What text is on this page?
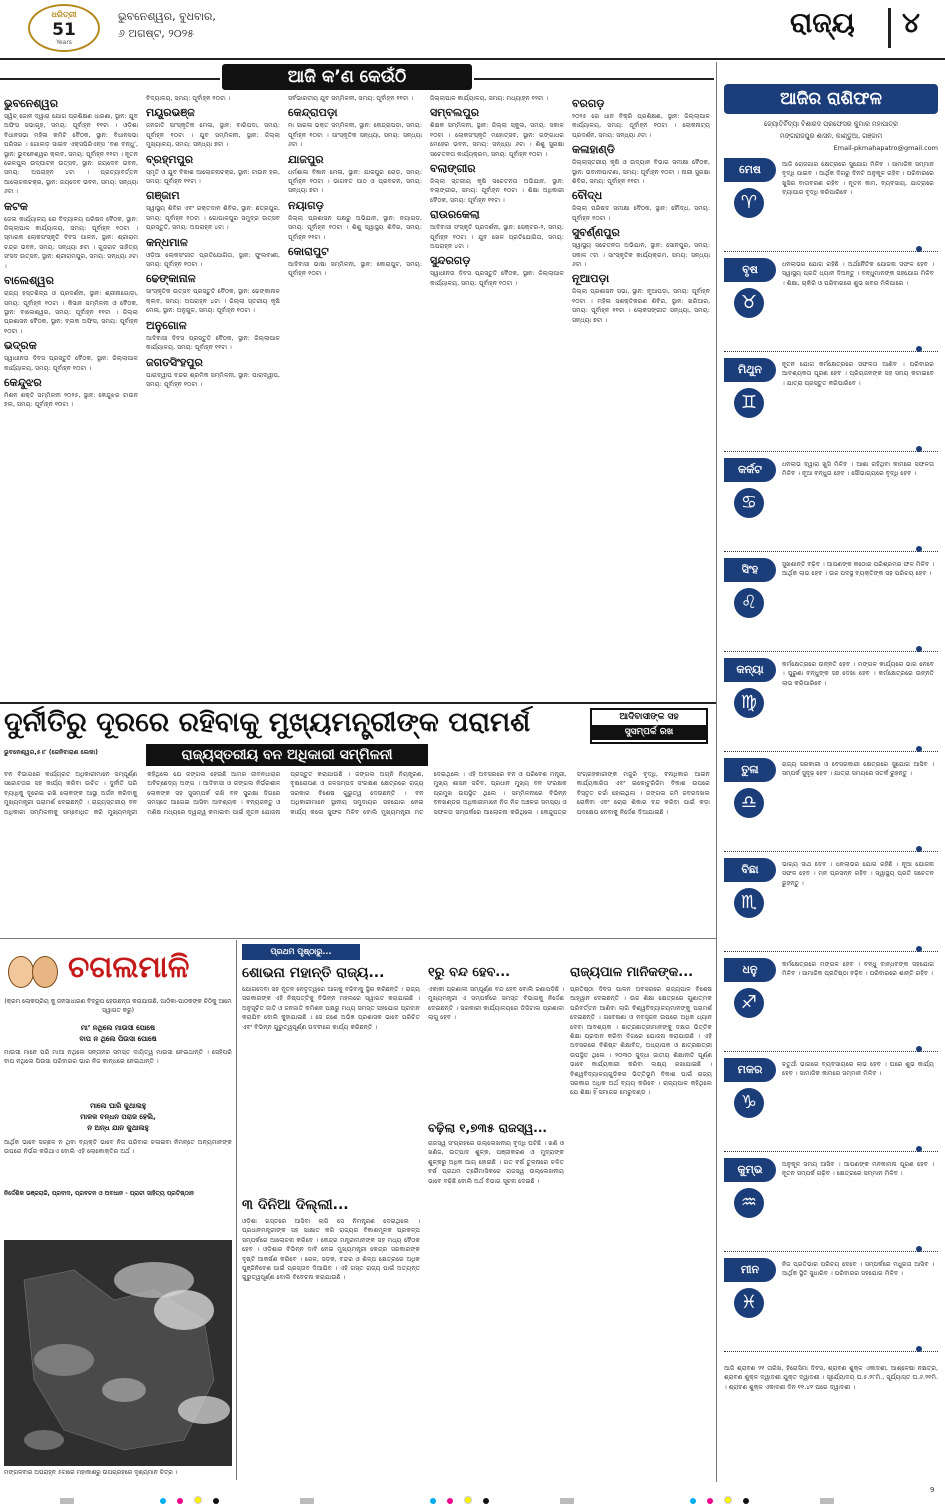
ଧରିତ୍ରୀ
51
Years
ଭୁବନେଶ୍ୱର, ବୁଧବାର,
୬ ଅଗଷ୍ଟ, ୨୦୨୫	ରାଜ୍ୟ ୪
ଆଜି କ’ଣ କେଉଁଠି
ଭୁବନେଶ୍ୱର
ସ୍ୱିଚ୍ ଜୋନ ଦ୍ୱାରା ଯୋଗ ପ୍ରଶିକ୍ଷଣ ଧାରଣା, ସ୍ଥାନ: ଯୁବ ଅଫିସ ସଭାଗୃହ, ସମୟ: ପୂର୍ବାହ୍ନ ୧୧ଟା । ଓଡ଼ିଶା ବିଧାନସଭା ମହିଳା କମିଟି ବୈଠକ, ସ୍ଥାନ: ବିଧାନସଭା ପରିସର । ଗୋଲଡ଼ ସାଇବ ଏକ୍ସପିରିଏନ୍ସ ‘ବଣ ବନ୍ଧୁ’, ସ୍ଥାନ: ଭୁବନେଶ୍ୱର କ୍ଲବ, ସମୟ: ପୂର୍ବାହ୍ନ ୧୧ଟା । ନୂତନ ରେଳପୁଲ ଉଦ୍‌ଘାଟନ ଉତ୍ସବ, ସ୍ଥାନ: ଜୟଦେବ ଭବନ, ସମୟ: ଅପରାହ୍ନ ୪ଟା । ପ୍ରତ୍ୟାବର୍ତ୍ତନ ଆଲୋଚନାଚକ୍ର, ସ୍ଥାନ: ଜୟଦେବ ଭବନ, ସମୟ: ସନ୍ଧ୍ୟା ୬ଟା ।
କଟକ
ଜେଲ କାର୍ଯ୍ୟାଳୟ ରେ ବିଦ୍ୟାଳୟ ପରିଷଦ ବୈଠକ, ସ୍ଥାନ: ଜିଲ୍ଲାପାଳ କାର୍ଯ୍ୟାଳୟ, ସମୟ: ପୂର୍ବାହ୍ନ ୧୦ଟା । ସ୍ମାରକ ଲୋକସଂସ୍କୃତି ଦିବସ ପାଳନ, ସ୍ଥାନ: ଶ୍ରୀରାମ ଚନ୍ଦ୍ର ଭବନ, ସମୟ: ସନ୍ଧ୍ୟା ୭ଟା । ଗୁଜରାଟ ସାହିତ୍ୟ ସଂସଦ ଉତ୍ସବ, ସ୍ଥାନ: ଶ୍ରୀରାମପୁର, ସମୟ: ସନ୍ଧ୍ୟା ୬ଟା ।
ବାଲେଶ୍ୱର
ରାଜ୍ୟ ହସ୍ତଶିଳ୍ପ ଓ ପ୍ରଦର୍ଶନୀ, ସ୍ଥାନ: ଶ୍ରୀନାଗୋଡ଼ା, ସମୟ: ପୂର୍ବାହ୍ନ ୧୦ଟା । କିସାନ ସମ୍ମିଳନୀ ଓ ବୈଠକ, ସ୍ଥାନ: ବାଲେଶ୍ୱର, ସମୟ: ପୂର୍ବାହ୍ନ ୧୧ଟା । ଜିଲ୍ଲା ପ୍ରଶାସନ ବୈଠକ, ସ୍ଥାନ: ବ୍ଲକ ଅଫିସ, ସମୟ: ପୂର୍ବାହ୍ନ ୧୦ଟା ।
ଭଦ୍ରକ
ସ୍ୱାଧୀନତା ଦିବସ ପ୍ରସ୍ତୁତି ବୈଠକ, ସ୍ଥାନ: ଜିଲ୍ଲାପାଳ କାର୍ଯ୍ୟାଳୟ, ସମୟ: ପୂର୍ବାହ୍ନ ୧୦ଟା ।
କେନ୍ଦୁଝର
ମିଶନ ଶକ୍ତି ସମ୍ମିଳନୀ ୨୦୨୫, ସ୍ଥାନ: କେନ୍ଦୁଝର ଟାଉନ ହଲ, ସମୟ: ପୂର୍ବାହ୍ନ ୧୦ଟା ।
ବିଦ୍ୟାଳୟ, ସମୟ: ପୂର୍ବାହ୍ନ ୧୦ଟା ।
ମୟୂରଭଞ୍ଜ
ଜନଜାତି ସାଂସ୍କୃତିକ ମେଳା, ସ୍ଥାନ: ବାରିପଦା, ସମୟ: ପୂର୍ବାହ୍ନ ୧୦ଟା । ଯୁବ ସମ୍ମିଳନୀ, ସ୍ଥାନ: ଜିଲ୍ଲା ମୁଖ୍ୟାଳୟ, ସମୟ: ସନ୍ଧ୍ୟା ୭ଟା ।
ବ୍ରହ୍ମପୁର
ସ୍ମୃତି ଓ ଯୁବ ବିକାଶ ଆଲୋଚନାଚକ୍ର, ସ୍ଥାନ: ଟାଉନ ହଲ, ସମୟ: ପୂର୍ବାହ୍ନ ୧୧ଟା ।
ଗଞ୍ଜାମ
ସ୍ୱାସ୍ଥ୍ୟ ଶିବିର ଏବଂ ରକ୍ତଦାନ ଶିବିର, ସ୍ଥାନ: ଛତ୍ରପୁର, ସମୟ: ପୂର୍ବାହ୍ନ ୧୦ଟା । ଗୋପାଳପୁର ସମୁଦ୍ର ଉତ୍ସବ ପ୍ରସ୍ତୁତି, ସମୟ: ଅପରାହ୍ନ ୪ଟା ।
କନ୍ଧମାଳ
ଓଡ଼ିଆ ଲୋକସଂଗୀତ ପ୍ରତିଯୋଗିତା, ସ୍ଥାନ: ଫୁଲବାଣୀ, ସମୟ: ପୂର୍ବାହ୍ନ ୧୦ଟା ।
ଢେଙ୍କାନାଳ
ସାଂସ୍କୃତିକ ଉତ୍ସବ ପ୍ରସ୍ତୁତି ବୈଠକ, ସ୍ଥାନ: ଢେଙ୍କାନାଳ କ୍ଲବ, ସମୟ: ଅପରାହ୍ନ ୪ଟା । ଜିଲ୍ଲା ସ୍ତରୀୟ କୃଷି ମେଳା, ସ୍ଥାନ: ଅନୁଗୁଳ, ସମୟ: ପୂର୍ବାହ୍ନ ୧୦ଟା ।
ଅନୁଗୋଳ
ଆଦିବାସୀ ଦିବସ ପ୍ରସ୍ତୁତି ବୈଠକ, ସ୍ଥାନ: ଜିଲ୍ଲାପାଳ କାର୍ଯ୍ୟାଳୟ, ସମୟ: ପୂର୍ବାହ୍ନ ୧୧ଟା ।
ଜଗତସିଂହପୁର
ପାରାଦ୍ୱୀପ ବନ୍ଦର ଶ୍ରମିକ ସମ୍ମିଳନୀ, ସ୍ଥାନ: ପାରାଦ୍ୱୀପ, ସମୟ: ପୂର୍ବାହ୍ନ ୧୦ଟା ।
ସର୍ବଭାରତୀୟ ଯୁବ ସମ୍ମିଳନୀ, ସମୟ: ପୂର୍ବାହ୍ନ ୧୧ଟା ।
କେନ୍ଦ୍ରାପଡ଼ା
ମା ସାରଳା ଭକ୍ତ ସମ୍ମିଳନୀ, ସ୍ଥାନ: କେନ୍ଦ୍ରାପଡ଼ା, ସମୟ: ପୂର୍ବାହ୍ନ ୧୦ଟା । ସାଂସ୍କୃତିକ ସନ୍ଧ୍ୟା, ସମୟ: ସନ୍ଧ୍ୟା ୬ଟା ।
ଯାଜପୁର
ଧର୍ମଶାଳା ବିଜ୍ଞାନ ମେଳା, ସ୍ଥାନ: ଯାଜପୁର ରୋଡ଼, ସମୟ: ପୂର୍ବାହ୍ନ ୧୦ଟା । ଭାଗବତ ପାଠ ଓ ପ୍ରବଚନ, ସମୟ: ସନ୍ଧ୍ୟା ୭ଟା ।
ନୟାଗଡ଼
ଜିଲ୍ଲା ପ୍ରଶାସନ ପକ୍ଷରୁ ଅଭିଯାନ, ସ୍ଥାନ: ନୟାଗଡ଼, ସମୟ: ପୂର୍ବାହ୍ନ ୧୦ଟା । ଶିଶୁ ସ୍ୱାସ୍ଥ୍ୟ ଶିବିର, ସମୟ: ପୂର୍ବାହ୍ନ ୧୧ଟା ।
କୋରାପୁଟ
ଆଦିବାସୀ ଭାଷା ସମ୍ମିଳନୀ, ସ୍ଥାନ: କୋରାପୁଟ, ସମୟ: ପୂର୍ବାହ୍ନ ୧୦ଟା ।
ଜିଲ୍ଲାପାଳ କାର୍ଯ୍ୟାଳୟ, ସମୟ: ମଧ୍ୟାହ୍ନ ୧୨ଟା ।
ସମ୍ବଲପୁର
ଶିକ୍ଷକ ସମ୍ମିଳନୀ, ସ୍ଥାନ: ଜିଲ୍ଲା ସ୍କୁଲ, ସମୟ: ସକାଳ ୧୦ଟା । ଲୋକସଂସ୍କୃତି ମହୋତ୍ସବ, ସ୍ଥାନ: ଗଙ୍ଗାଧର ମେହେର ଭବନ, ସମୟ: ସନ୍ଧ୍ୟା ୬ଟା । ଶିଶୁ ସୁରକ୍ଷା ସଚେତନତା କାର୍ଯ୍ୟକ୍ରମ, ସମୟ: ପୂର୍ବାହ୍ନ ୧୦ଟା ।
ବଲାଙ୍ଗୀର
ଜିଲ୍ଲା ସ୍ତରୀୟ କୃଷି ସଚେତନତା ଅଭିଯାନ, ସ୍ଥାନ: ବଲାଙ୍ଗୀର, ସମୟ: ପୂର୍ବାହ୍ନ ୧୦ଟା । ଶିକ୍ଷା ଅଧିକାରୀ ବୈଠକ, ସମୟ: ପୂର୍ବାହ୍ନ ୧୧ଟା ।
ରାଉରକେଲା
ଆଦିବାସୀ ସଂସ୍କୃତି ପ୍ରଦର୍ଶନୀ, ସ୍ଥାନ: ସେକ୍ଟର-୨, ସମୟ: ପୂର୍ବାହ୍ନ ୧୦ଟା । ଯୁବ ଖେଳ ପ୍ରତିଯୋଗିତା, ସମୟ: ଅପରାହ୍ନ ୪ଟା ।
ସୁନ୍ଦରଗଡ଼
ସ୍ୱାଧୀନତା ଦିବସ ପ୍ରସ୍ତୁତି ବୈଠକ, ସ୍ଥାନ: ଜିଲ୍ଲାପାଳ କାର୍ଯ୍ୟାଳୟ, ସମୟ: ପୂର୍ବାହ୍ନ ୧୦ଟା ।
ବରଗଡ଼
୨୦୨୫ ରେ ଧାନ ବିକ୍ରି ପ୍ରଶିକ୍ଷଣ, ସ୍ଥାନ: ଜିଲ୍ଲାପାଳ କାର୍ଯ୍ୟାଳୟ, ସମୟ: ପୂର୍ବାହ୍ନ ୧୦ଟା । ଲୋକନାଟ୍ୟ ପ୍ରଦର୍ଶନ, ସମୟ: ସନ୍ଧ୍ୟା ୬ଟା ।
କଳାହାଣ୍ଡି
ଜିଲ୍ଲାସ୍ତରୀୟ କୃଷି ଓ ଉଦ୍ୟାନ ବିଭାଗ ସମୀକ୍ଷା ବୈଠକ, ସ୍ଥାନ: ଭବାନୀପାଟଣା, ସମୟ: ପୂର୍ବାହ୍ନ ୧୦ଟା । ନାରୀ ସୁରକ୍ଷା ଶିବିର, ସମୟ: ପୂର୍ବାହ୍ନ ୧୧ଟା ।
ବୌଦ୍ଧ
ଜିଲ୍ଲା ପରିଷଦ ସମୀକ୍ଷା ବୈଠକ, ସ୍ଥାନ: ବୌଦ୍ଧ, ସମୟ: ପୂର୍ବାହ୍ନ ୧୦ଟା ।
ସୁବର୍ଣ୍ଣପୁର
ସ୍ୱାସ୍ଥ୍ୟ ସଚେତନତା ଅଭିଯାନ, ସ୍ଥାନ: ସୋନପୁର, ସମୟ: ସକାଳ ୯ଟା । ସାଂସ୍କୃତିକ କାର୍ଯ୍ୟକ୍ରମ, ସମୟ: ସନ୍ଧ୍ୟା ୬ଟା ।
ନୂଆପଡ଼ା
ଜିଲ୍ଲା ପ୍ରଶାସନ ସଭା, ସ୍ଥାନ: ନୂଆପଡ଼ା, ସମୟ: ପୂର୍ବାହ୍ନ ୧୦ଟା । ମହିଳା ସଶକ୍ତିକରଣ ଶିବିର, ସ୍ଥାନ: ଖରିଆର, ସମୟ: ପୂର୍ବାହ୍ନ ୧୧ଟା । ଲୋକସଙ୍ଗୀତ ସନ୍ଧ୍ୟା, ସମୟ: ସନ୍ଧ୍ୟା ୭ଟା ।
ଦୁର୍ନୀତିରୁ ଦୂରରେ ରହିବାକୁ ମୁଖ୍ୟମନ୍ତ୍ରୀଙ୍କ ପରାମର୍ଶ	ଆଦିବାସୀଙ୍କ ସହ
ସୁସମ୍ପର୍କ ରଖ
ଭୁବନେଶ୍ୱର,୫।୮ (ଜେନିବାରାଣ ଲେକା)	ରାଜ୍ୟସ୍ତରୀୟ ବନ ଅଧିକାରୀ ସମ୍ମିଳନୀ
ବନ ବିଭାଗରେ କାର୍ଯ୍ୟରତ ଅଧିକାରୀମାନେ ସମ୍ପୂର୍ଣ୍ଣ ସଚ୍ଚୋଟତାର ସହ କାର୍ଯ୍ୟ କରିବା ଉଚିତ । ଦୁର୍ନୀତି ପରି ବ୍ୟାଧିକୁ ଦୂରେଇ ରଖି ଲୋକଙ୍କ ଆସ୍ଥା ଅର୍ଜନ କରିବାକୁ ମୁଖ୍ୟମନ୍ତ୍ରୀ ପରାମର୍ଶ ଦେଇଛନ୍ତି । ରାଜ୍ୟସ୍ତରୀୟ ବନ ଅଧିକାରୀ ସମ୍ମିଳନୀକୁ ସମ୍ବୋଧିତ କରି ମୁଖ୍ୟମନ୍ତ୍ରୀ କହିଥିଲେ ଯେ ଜଙ୍ଗଲ ହେଉଛି ଆମର ଜୀବନଧାରାର ଅବିଚ୍ଛେଦ୍ୟ ଅଙ୍ଗ । ଆଦିବାସୀ ଓ ଜଙ୍ଗଲ ନିର୍ଭରଶୀଳ ଲୋକଙ୍କ ସହ ସୁସମ୍ପର୍କ ରଖି ବନ ସୁରକ୍ଷା ଦିଗରେ ସମସ୍ତେ ଆଗେଇ ଆସିବା ଆବଶ୍ୟକ । ବନ୍ୟଜନ୍ତୁ ଓ ମଣିଷ ମଧ୍ୟରେ ଦ୍ୱନ୍ଦ୍ୱ କମାଇବା ପାଇଁ ନୂତନ ଯୋଜନା ପ୍ରସ୍ତୁତ କରାଯାଉଛି । ଜଙ୍ଗଲ ଅଗ୍ନି ନିୟନ୍ତ୍ରଣ, ବୃକ୍ଷରୋପଣ ଓ ଜଳସମ୍ପଦ ସଂରକ୍ଷଣ କ୍ଷେତ୍ରରେ ରାଜ୍ୟ ସରକାର ବିଶେଷ ଗୁରୁତ୍ୱ ଦେଉଛନ୍ତି । ବନ ଅଧିକାରୀମାନେ ସ୍ଥାନୀୟ ସମୁଦାୟର ସହଯୋଗ ନେଇ କାର୍ଯ୍ୟ କଲେ ସୁଫଳ ମିଳିବ ବୋଲି ମୁଖ୍ୟମନ୍ତ୍ରୀ ମତ ଦେଇଥିଲେ । ଏହି ଅବସରରେ ବନ ଓ ପରିବେଶ ମନ୍ତ୍ରୀ, ମୁଖ୍ୟ ଶାସନ ସଚିବ, ପ୍ରଧାନ ମୁଖ୍ୟ ବନ ସଂରକ୍ଷକ ପ୍ରମୁଖ ଉପସ୍ଥିତ ଥିଲେ । ସମ୍ମିଳନୀରେ ବିଭିନ୍ନ ବନଖଣ୍ଡର ଅଧିକାରୀମାନେ ନିଜ ନିଜ ଅଞ୍ଚଳର ସମସ୍ୟା ଓ ସଫଳତା ସମ୍ପର୍କରେ ଆଲୋଚନା କରିଥିଲେ । କେନ୍ଦୁପତ୍ର ସଂଗ୍ରହକାରୀଙ୍କ ମଜୁରି ବୃଦ୍ଧି, ବନାଧିକାର ଆଇନ କାର୍ଯ୍ୟକାରିତା ଏବଂ ଇକୋଟୁରିଜିମ ବିକାଶ ଉପରେ ବିସ୍ତୃତ ଚର୍ଚ୍ଚା ହୋଇଥିଲା । ଜଙ୍ଗଲ ଜମି ଜବରଦଖଲ ରୋକିବା ଏବଂ ଚୋରା ଶିକାର ବନ୍ଦ କରିବା ପାଇଁ କଡ଼ା ପଦକ୍ଷେପ ନେବାକୁ ନିର୍ଦ୍ଦେଶ ଦିଆଯାଇଛି ।
ଚଗଲମାଳି
(କ୍ରମ ଲୋକପ୍ରିୟ କୁ ଜନସାଧାରଣ ବିଦ୍ରୂପ ହେଉଛନ୍ତା କରାଯାଉଛି, ପାଠିକା-ପାଠକଙ୍କ ଚିଠିକୁ ଆମେ ସ୍ୱାଗତ କରୁ)
ମା’ ନଥିଲେ ମାଉସୀ ପୋଷେ
ବାପ ନ ଥିଲେ ପିଉସା ପୋଷେ
ମାଉସୀ ମାନେ ପରି ମାଆ ନଥିଲେ ସନ୍ତାନର ସମସ୍ତ ଦାୟିତ୍ୱ ମାଉସୀ ନେଇଥାନ୍ତି । ସେହିପରି ବାପ ନଥିଲେ ପିଉସା ପରିବାରର ଭାର ନିଜ କାନ୍ଧରେ ନେଇଥାନ୍ତି ।
ମାଲେ ଘାରି କୁଥାଲହୁ
ମାଳକ ବନ୍ଧନ ପରାଜ ହେଲି,
ନ ଅନ୍ଧ ଯାନ କୁଥାଲହୁ
ଆର୍ଥିକ ଭାବେ ସଚ୍ଛଳ ନ ଥିବା ବ୍ୟକ୍ତି ଭାବେ ନିଜ ପରିବାର ଚଳାଇବା ନିମନ୍ତେ ଅନ୍ୟମାନଙ୍କ ଉପରେ ନିର୍ଭର କରିଥାଏ ବୋଲି ଏହି ଲୋକୋକ୍ତିର ଅର୍ଥ ।
ନିର୍ଦ୍ଦେଶିକ ଭଞ୍ଜରାଜି, ପ୍ରବାଦ, ପ୍ରବଚନ ଓ ଅବଧାନ - ପ୍ରାଚୀ ସାହିତ୍ୟ ପ୍ରତିଷ୍ଠାନ
ମଙ୍ଗଳବାର ଅପରାହ୍ନ ୫ଟାରେ ମହାକାଶରୁ ଉପଗ୍ରହରେ ଦୃଶ୍ୟମାନ ଚିତ୍ର ।
ପ୍ରଥମ ପୃଷ୍ଠାରୁ...
ଶୋଭନା ମହାନ୍ତି ରାଜ୍ୟ...
ଯୋଗଦେବା ସହ ନୂତନ ନେତୃତ୍ୱରେ ଆଗକୁ ବଢ଼ିବାକୁ ସ୍ଥିର କରିଛନ୍ତି । ରାଜ୍ୟ ସରକାରଙ୍କ ଏହି ନିଷ୍ପତ୍ତିକୁ ବିଭିନ୍ନ ମହଲରେ ସ୍ୱାଗତ କରାଯାଇଛି । ଅନୁସୂଚିତ ଜାତି ଓ ଜନଜାତି କମିଶନ ପକ୍ଷରୁ ମଧ୍ୟ ସମସ୍ତ ସହଯୋଗ ପ୍ରଦାନ କରାଯିବ ବୋଲି କୁହାଯାଇଛି । ସେ ଜଣେ ଅଭିଜ୍ଞ ପ୍ରଶାସକ ଭାବେ ପରିଚିତ ଏବଂ ବିଭିନ୍ନ ଗୁରୁତ୍ୱପୂର୍ଣ୍ଣ ପଦବୀରେ କାର୍ଯ୍ୟ କରିଛନ୍ତି ।
୩ ଦିନିଆ ଦିଲ୍ଲୀ...
ଓଡ଼ିଶା ଗସ୍ତରେ ଆସିବା ଲାଗି ସେ ନିମନ୍ତ୍ରଣ ଦେଇଥିଲେ । ପ୍ରଧାନମନ୍ତ୍ରୀଙ୍କ ସହ ସାକ୍ଷାତ କରି ରାଜ୍ୟର ବିକାଶମୂଳକ ପ୍ରକଳ୍ପ ସମ୍ପର୍କରେ ଆଲୋଚନା କରିବେ । କେନ୍ଦ୍ର ମନ୍ତ୍ରୀମାନଙ୍କ ସହ ମଧ୍ୟ ବୈଠକ ହେବ । ଓଡ଼ିଶାର ବିଭିନ୍ନ ଦାବି ନେଇ ମୁଖ୍ୟମନ୍ତ୍ରୀ କେନ୍ଦ୍ର ସରକାରଙ୍କ ଦୃଷ୍ଟି ଆକର୍ଷଣ କରିବେ । ରେଳ, ସଡ଼କ, ବନ୍ଦର ଓ ଶିଳ୍ପ କ୍ଷେତ୍ରରେ ଅଧିକ ପୁଞ୍ଜିନିବେଶ ପାଇଁ ପ୍ରସ୍ତାବ ଦିଆଯିବ । ଏହି ଗସ୍ତ ରାଜ୍ୟ ପାଇଁ ଅତ୍ୟନ୍ତ ଗୁରୁତ୍ୱପୂର୍ଣ୍ଣ ବୋଲି ବିବେଚନା କରାଯାଉଛି ।
୧ରୁ ବନ୍ଦ ହେବ...
ଏକାକୀ ପ୍ରଣାଳୀ ସମ୍ପୂର୍ଣ୍ଣ ବନ୍ଦ ହେବ ବୋଲି ଜଣାପଡ଼ିଛି । ମୁଖ୍ୟମନ୍ତ୍ରୀ ଏ ସମ୍ପର୍କରେ ସମସ୍ତ ବିଭାଗକୁ ନିର୍ଦ୍ଦେଶ ଦେଇଛନ୍ତି । ସରକାରୀ କାର୍ଯ୍ୟାଳୟରେ ଡିଜିଟାଲ ପ୍ରଣାଳୀ ଲାଗୁ ହେବ ।
ବଢ଼ିଲା ୧,୭୩୫ ରାଜସ୍ୱ...
ରାଜସ୍ୱ ସଂଗ୍ରହରେ ଉଲ୍ଲେଖନୀୟ ବୃଦ୍ଧି ଘଟିଛି । ଖଣି ଓ ଖଣିଜ, ଉତ୍ପାଦ ଶୁଳ୍କ, ପଞ୍ଜୀକରଣ ଓ ମୁଦ୍ରାଙ୍କ ଶୁଳ୍କରୁ ଅଧିକ ଆୟ ହୋଇଛି । ଗତ ବର୍ଷ ତୁଳନାରେ ଚଳିତ ବର୍ଷ ପ୍ରଥମ ତ୍ରୈମାସିକରେ ରାଜସ୍ୱ ଉଲ୍ଲେଖନୀୟ ଭାବେ ବଢ଼ିଛି ବୋଲି ଅର୍ଥ ବିଭାଗ ସୂଚନା ଦେଇଛି ।
ରାଜ୍ୟପାଳ ମାନିକଙ୍କ...
ପ୍ରତିଷ୍ଠା ଦିବସ ପାଳନ ଅବସରରେ ରାଜ୍ୟପାଳ ବିଶେଷ ଆହ୍ୱାନ ଦେଇଛନ୍ତି । ଉଚ୍ଚ ଶିକ୍ଷା କ୍ଷେତ୍ରରେ ଗୁଣାତ୍ମକ ପରିବର୍ତ୍ତନ ଆଣିବା ଲାଗି ବିଶ୍ୱବିଦ୍ୟାଳୟମାନଙ୍କୁ ପରାମର୍ଶ ଦେଇଛନ୍ତି । ଗବେଷଣା ଓ ନବସୃଜନ ଉପରେ ଅଧିକ ଧ୍ୟାନ ଦେବା ଆବଶ୍ୟକ । ଛାତ୍ରଛାତ୍ରୀମାନଙ୍କୁ ଦକ୍ଷତା ଭିତ୍ତିକ ଶିକ୍ଷା ପ୍ରଦାନ କରିବା ଦିଗରେ ଯୋଜନା କରାଯାଉଛି । ଏହି ଅବସରରେ ବିଶିଷ୍ଟ ଶିକ୍ଷାବିତ୍, ଅଧ୍ୟାପକ ଓ ଛାତ୍ରଛାତ୍ରୀ ଉପସ୍ଥିତ ଥିଲେ । ୨୦୩୦ ସୁଦ୍ଧା ଜାତୀୟ ଶିକ୍ଷାନୀତି ପୂର୍ଣ୍ଣ ଭାବେ କାର୍ଯ୍ୟକାରୀ କରିବା ଲକ୍ଷ୍ୟ ରଖାଯାଇଛି । ବିଶ୍ୱବିଦ୍ୟାଳୟଗୁଡ଼ିକର ଭିତ୍ତିଭୂମି ବିକାଶ ପାଇଁ ରାଜ୍ୟ ସରକାର ଅଧିକ ଅର୍ଥ ବ୍ୟୟ କରିବେ । ରାଜ୍ୟପାଳ କହିଥିଲେ ଯେ ଶିକ୍ଷା ହିଁ ସମାଜର ମେରୁଦଣ୍ଡ ।
ଆଜିର ରାଶିଫଳ
ଜ୍ୟୋତିର୍ବିଦ୍ୟା ବିଶାରଦ ପ୍ରଫେସର କୁମାର ମହାପାତ୍ର
ମଙ୍ଗରାଜପୁର ଶାସନ, କାଣ୍ଡୁଆ, ଗଞ୍ଜାମ
Email-pkmahapatro@gmail.com
ମେଷ
♈
ଆଜି ରୋଜଗାର କ୍ଷେତ୍ରରେ ସୁଯୋଗ ମିଳିବ । ସାମାଜିକ ସମ୍ମାନ ବୃଦ୍ଧି ପାଇବ । ଆର୍ଥିକ ଦିଗରୁ ଦିନଟି ଅନୁକୂଳ ରହିବ । ପରିବାରରେ ଖୁସିର ବାତାବରଣ ରହିବ । ନୂତନ କାମ, ବ୍ୟବସାୟ, ଯାତ୍ରାରେ ବ୍ୟାପାର ବୃଦ୍ଧି କରିପାରିବେ ।
ବୃଷ
♉
ଧନଲାଭର ଯୋଗ ରହିଛି । ଅର୍ଥନୈତିକ ଯୋଜନା ସଫଳ ହେବ । ସ୍ୱାସ୍ଥ୍ୟ ପ୍ରତି ଧ୍ୟାନ ଦିଅନ୍ତୁ । ବନ୍ଧୁମାନଙ୍କ ସହଯୋଗ ମିଳିବ । ଶିକ୍ଷା, ଚାକିରି ଓ ପରିବାରରେ ଶୁଭ ଖବର ମିଳିପାରେ ।
ମିଥୁନ
♊
ନୂତନ ଯୋଗ କର୍ମକ୍ଷେତ୍ରରେ ସଫଳତା ଆଣିବ । ପରିବାରର ଆବଶ୍ୟକତା ପୂରଣ ହେବ । ପ୍ରିୟଜନଙ୍କ ସହ ସମୟ କଟାଇବେ । ଯାତ୍ରା ପ୍ରସ୍ତୁତ କରିପାରିବେ ।
କର୍କଟ
♋
ଧନଲାଭ ଦ୍ୱାରା ଖୁସି ମିଳିବ । ଆଶା ରହିଥିବା କାମରେ ସଫଳତା ମିଳିବ । ନୂଆ ବନ୍ଧୁତା ହେବ । ସୌଭାଗ୍ୟରେ ବୃଦ୍ଧି ହେବ ।
ସିଂହ
♌
ସୁଖଶାନ୍ତି ବଢ଼ିବ । ଆପଣଙ୍କ କଠୋର ପରିଶ୍ରମର ଫଳ ମିଳିବ । ଆର୍ଥିକ ଲାଭ ହେବ । ଉଚ୍ଚ ପଦସ୍ଥ ବ୍ୟକ୍ତିଙ୍କ ସହ ପରିଚୟ ହେବ ।
କନ୍ୟା
♍
କର୍ମକ୍ଷେତ୍ରରେ ଉନ୍ନତି ହେବ । ମଙ୍ଗଳ କାର୍ଯ୍ୟରେ ଭାଗ ନେବେ । ପୁରୁଣା ବନ୍ଧୁଙ୍କ ସହ ଦେଖା ହେବ । କର୍ମକ୍ଷେତ୍ରରେ ଉନ୍ନତି ଲାଭ କରିପାରିବେ ।
ତୁଳା
♎
ରାଜ୍ୟ ସରକାରୀ ଓ ବେସରକାରୀ କ୍ଷେତ୍ରରେ ସୁଯୋଗ ଆସିବ । ସମ୍ପର୍କ ସୁଦୃଢ଼ ହେବ । ଯାତ୍ରା ସମୟରେ ସତର୍କ ରୁହନ୍ତୁ ।
ବିଛା
♏
ଭାଗ୍ୟ ସାଥ ଦେବ । ଧନଲାଭର ଯୋଗ ରହିଛି । ନୂଆ ଯୋଜନା ସଫଳ ହେବ । ମନ ପ୍ରସନ୍ନ ରହିବ । ସ୍ୱାସ୍ଥ୍ୟ ପ୍ରତି ସଚେତନ ରୁହନ୍ତୁ ।
ଧନୁ
♐
କର୍ମକ୍ଷେତ୍ରରେ ମଙ୍ଗଳ ହେବ । ବନ୍ଧୁ ବାନ୍ଧବଙ୍କ ସହଯୋଗ ମିଳିବ । ସାମାଜିକ ପ୍ରତିଷ୍ଠା ବଢ଼ିବ । ପରିବାରରେ ଶାନ୍ତି ରହିବ ।
ମକର
♑
ଚତୁର୍ଥୀ ଭାଗରେ ବ୍ୟବସାୟରେ ଲାଭ ହେବ । ଘରେ ଶୁଭ କାର୍ଯ୍ୟ ହେବ । ସାମାଜିକ କାମରେ ସମ୍ମାନ ମିଳିବ ।
କୁମ୍ଭ
♒
ଅନୁକୂଳ ସମୟ ଆସିବ । ଆପଣଙ୍କ ମନକାମନା ପୂରଣ ହେବ । ନୂତନ ସମ୍ପର୍କ ଗଢ଼ିବ । କ୍ଷେତ୍ରରେ ସମ୍ମାନ ମିଳିବ ।
ମୀନ
♓
ନିଜ ପ୍ରତିଭାର ପରିଚୟ ଦେବେ । ସମ୍ପର୍କରେ ମଧୁରତା ଆସିବ । ଆର୍ଥିକ ସ୍ଥିତି ସୁଧାରିବ । ପରିବାରର ସହଯୋଗ ମିଳିବ ।
ଆଜି ଶ୍ରାବଣ ୨୧ ତାରିଖ, ହିରୋସିମା ଦିବସ, ଶ୍ରାବଣ ଶୁକ୍ଳ ଏକାଦଶୀ, ଆଶ୍ଳେଷା ନକ୍ଷତ୍ର, ଶ୍ରାବଣ ଶୁକ୍ଳ ଦ୍ୱାଦଶୀ ଯୁକ୍ତ ଦ୍ୱାଦଶୀ । ସୂର୍ଯ୍ୟୋଦୟ ଘ.୫.୨୮ମି., ସୂର୍ଯ୍ୟାସ୍ତ ଘ.୬.୨୧ମି. । ଶ୍ରାବଣ ଶୁକ୍ଳ ଏକାଦଶୀ ଦିନ ୧୧.୪୧ ପରେ ଦ୍ୱାଦଶୀ ।

9
